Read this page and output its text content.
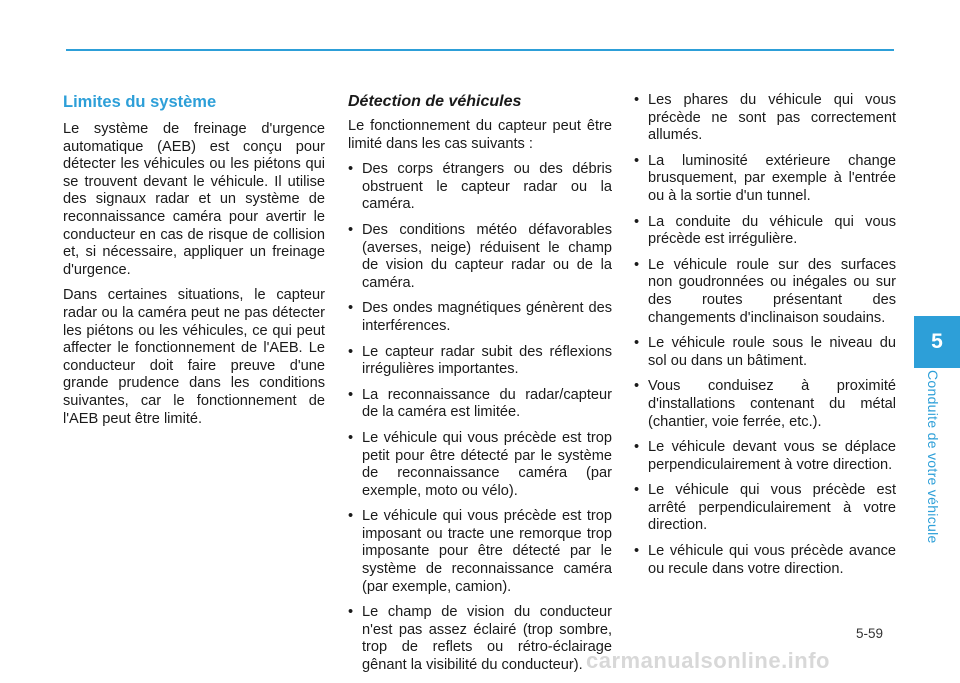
Limites du système

Le système de freinage d'urgence automatique (AEB) est conçu pour détecter les véhicules ou les piétons qui se trouvent devant le véhicule. Il utilise des signaux radar et un système de reconnaissance caméra pour avertir le conducteur en cas de risque de collision et, si nécessaire, appliquer un freinage d'urgence.

Dans certaines situations, le capteur radar ou la caméra peut ne pas détecter les piétons ou les véhicules, ce qui peut affecter le fonctionnement de l'AEB. Le conducteur doit faire preuve d'une grande prudence dans les conditions suivantes, car le fonctionnement de l'AEB peut être limité.

Détection de véhicules

Le fonctionnement du capteur peut être limité dans les cas suivants :

• Des corps étrangers ou des débris obstruent le capteur radar ou la caméra.
• Des conditions météo défavorables (averses, neige) réduisent le champ de vision du capteur radar ou de la caméra.
• Des ondes magnétiques génèrent des interférences.
• Le capteur radar subit des réflexions irrégulières importantes.
• La reconnaissance du radar/capteur de la caméra est limitée.
• Le véhicule qui vous précède est trop petit pour être détecté par le système de reconnaissance caméra (par exemple, moto ou vélo).
• Le véhicule qui vous précède est trop imposant ou tracte une remorque trop imposante pour être détecté par le système de reconnaissance caméra (par exemple, camion).
• Le champ de vision du conducteur n'est pas assez éclairé (trop sombre, trop de reflets ou rétro-éclairage gênant la visibilité du conducteur).
• Les phares du véhicule qui vous précède ne sont pas correctement allumés.
• La luminosité extérieure change brusquement, par exemple à l'entrée ou à la sortie d'un tunnel.
• La conduite du véhicule qui vous précède est irrégulière.
• Le véhicule roule sur des surfaces non goudronnées ou inégales ou sur des routes présentant des changements d'inclinaison soudains.
• Le véhicule roule sous le niveau du sol ou dans un bâtiment.
• Vous conduisez à proximité d'installations contenant du métal (chantier, voie ferrée, etc.).
• Le véhicule devant vous se déplace perpendiculairement à votre direction.
• Le véhicule qui vous précède est arrêté perpendiculairement à votre direction.
• Le véhicule qui vous précède avance ou recule dans votre direction.
5
Conduite de votre véhicule
5-59
carmanualsonline.info
